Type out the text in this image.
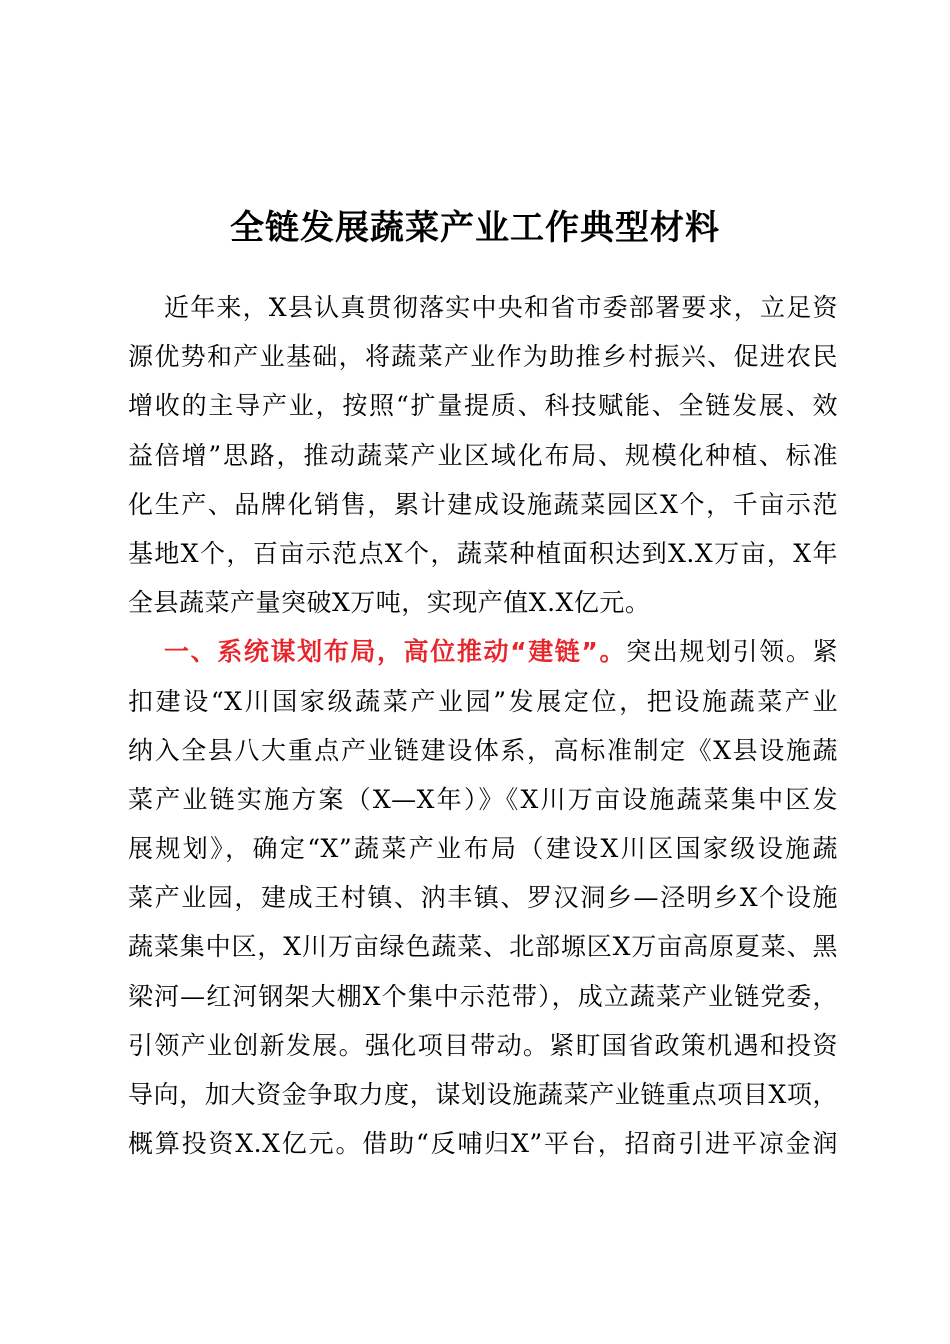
全链发展蔬菜产业工作典型材料
近年来，X县认真贯彻落实中央和省市委部署要求，立足资
源优势和产业基础，将蔬菜产业作为助推乡村振兴、促进农民
增收的主导产业，按照“扩量提质、科技赋能、全链发展、效
益倍增”思路，推动蔬菜产业区域化布局、规模化种植、标准
化生产、品牌化销售，累计建成设施蔬菜园区X个，千亩示范
基地X个，百亩示范点X个，蔬菜种植面积达到X.X万亩，X年
全县蔬菜产量突破X万吨，实现产值X.X亿元。
一、系统谋划布局，高位推动“建链”。突出规划引领。紧
扣建设“X川国家级蔬菜产业园”发展定位，把设施蔬菜产业
纳入全县八大重点产业链建设体系，高标准制定《X县设施蔬
菜产业链实施方案（X—X年）》《X川万亩设施蔬菜集中区发
展规划》，确定“X”蔬菜产业布局（建设X川区国家级设施蔬
菜产业园，建成王村镇、汭丰镇、罗汉洞乡—泾明乡X个设施
蔬菜集中区，X川万亩绿色蔬菜、北部塬区X万亩高原夏菜、黑
梁河—红河钢架大棚X个集中示范带），成立蔬菜产业链党委，
引领产业创新发展。强化项目带动。紧盯国省政策机遇和投资
导向，加大资金争取力度，谋划设施蔬菜产业链重点项目X项，
概算投资X.X亿元。借助“反哺归X”平台，招商引进平凉金润
